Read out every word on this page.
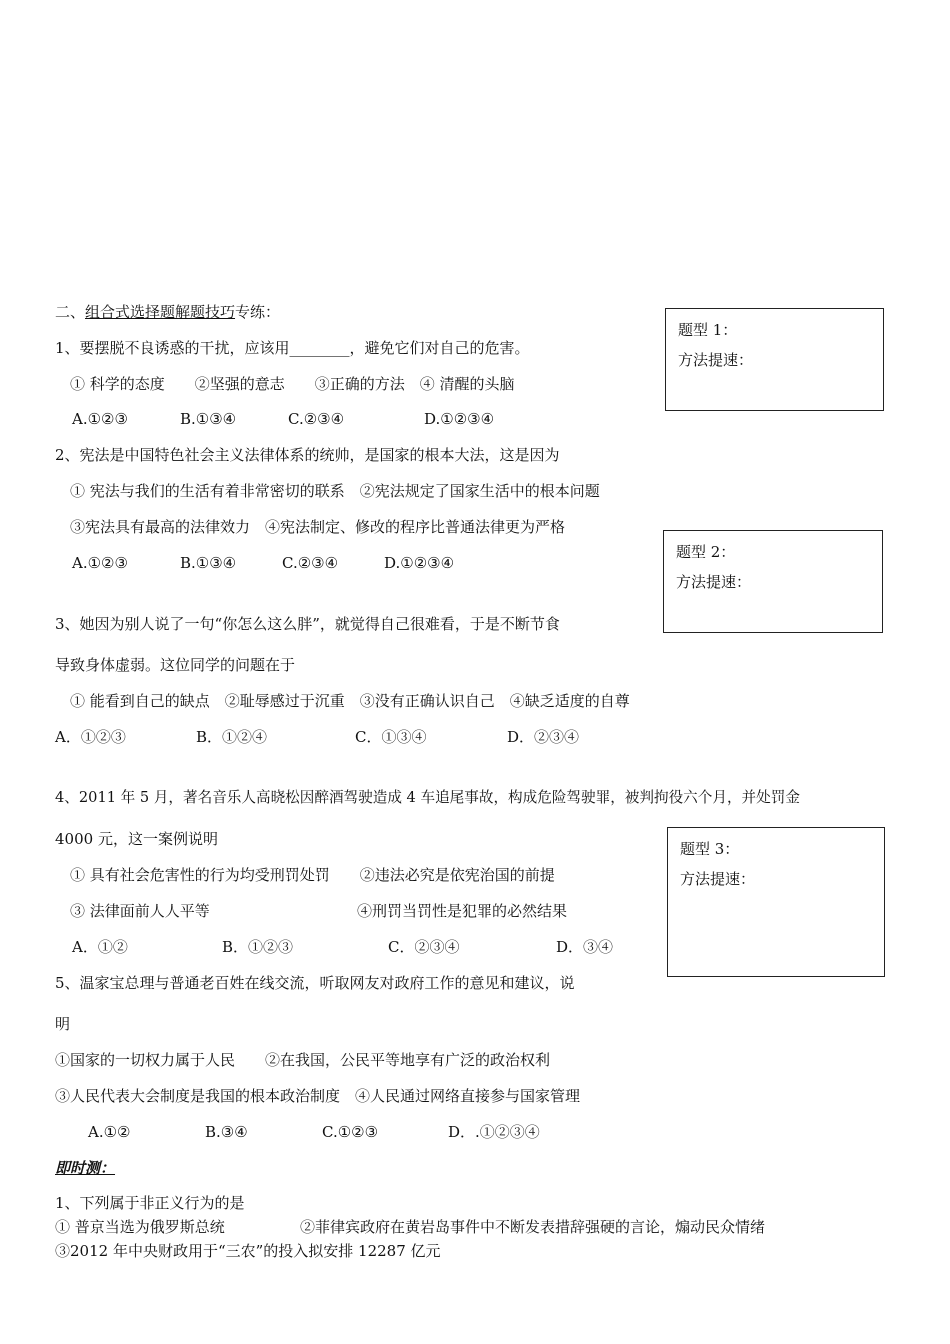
二、组合式选择题解题技巧专练：
题型 1：
方法提速：
题型 2：
方法提速：
题型 3：
方法提速：
1、要摆脱不良诱惑的干扰，应该用________，避免它们对自己的危害。
① 科学的态度　　②坚强的意志　　③正确的方法　④ 清醒的头脑
A.①②③	B.①③④	C.②③④	D.①②③④
2、宪法是中国特色社会主义法律体系的统帅，是国家的根本大法，这是因为
① 宪法与我们的生活有着非常密切的联系　②宪法规定了国家生活中的根本问题
③宪法具有最高的法律效力　④宪法制定、修改的程序比普通法律更为严格
A.①②③	B.①③④	C.②③④	D.①②③④
3、她因为别人说了一句“你怎么这么胖”，就觉得自己很难看，于是不断节食
导致身体虚弱。这位同学的问题在于
① 能看到自己的缺点　②耻辱感过于沉重　③没有正确认识自己　④缺乏适度的自尊
A．①②③	B．①②④	C．①③④	D．②③④
4、2011 年 5 月，著名音乐人高晓松因醉酒驾驶造成 4 车追尾事故，构成危险驾驶罪，被判拘役六个月，并处罚金
4000 元，这一案例说明
① 具有社会危害性的行为均受刑罚处罚　　②违法必究是依宪治国的前提
③ 法律面前人人平等	④刑罚当罚性是犯罪的必然结果
A．①②	B．①②③	C．②③④	D．③④
5、温家宝总理与普通老百姓在线交流，听取网友对政府工作的意见和建议，说
明
①国家的一切权力属于人民　　②在我国，公民平等地享有广泛的政治权利
③人民代表大会制度是我国的根本政治制度　④人民通过网络直接参与国家管理
A.①②	B.③④	C.①②③	D．.①②③④
即时测：
1、下列属于非正义行为的是
① 普京当选为俄罗斯总统	②菲律宾政府在黄岩岛事件中不断发表措辞强硬的言论，煽动民众情绪
③2012 年中央财政用于“三农”的投入拟安排 12287 亿元
